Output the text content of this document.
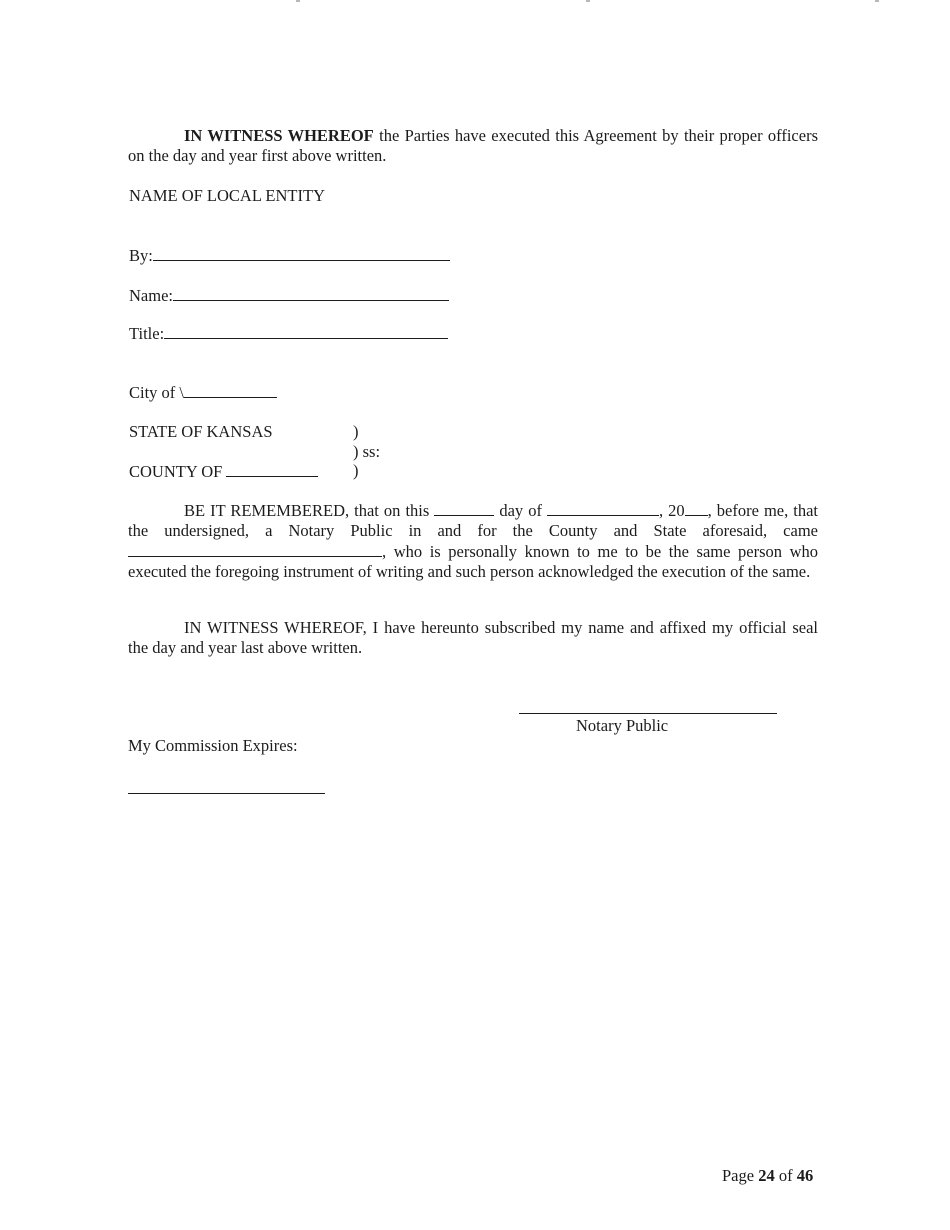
IN WITNESS WHEREOF the Parties have executed this Agreement by their proper officers on the day and year first above written.
NAME OF LOCAL ENTITY
By:
Name:
Title:
City of \
STATE OF KANSAS	)
) ss:
COUNTY OF	)
BE IT REMEMBERED, that on this	day of	, 20 , before me, that the undersigned, a Notary Public in and for the County and State aforesaid, came , who is personally known to me to be the same person who executed the foregoing instrument of writing and such person acknowledged the execution of the same.
IN WITNESS WHEREOF, I have hereunto subscribed my name and affixed my official seal the day and year last above written.
Notary Public
My Commission Expires:
Page 24 of 46
